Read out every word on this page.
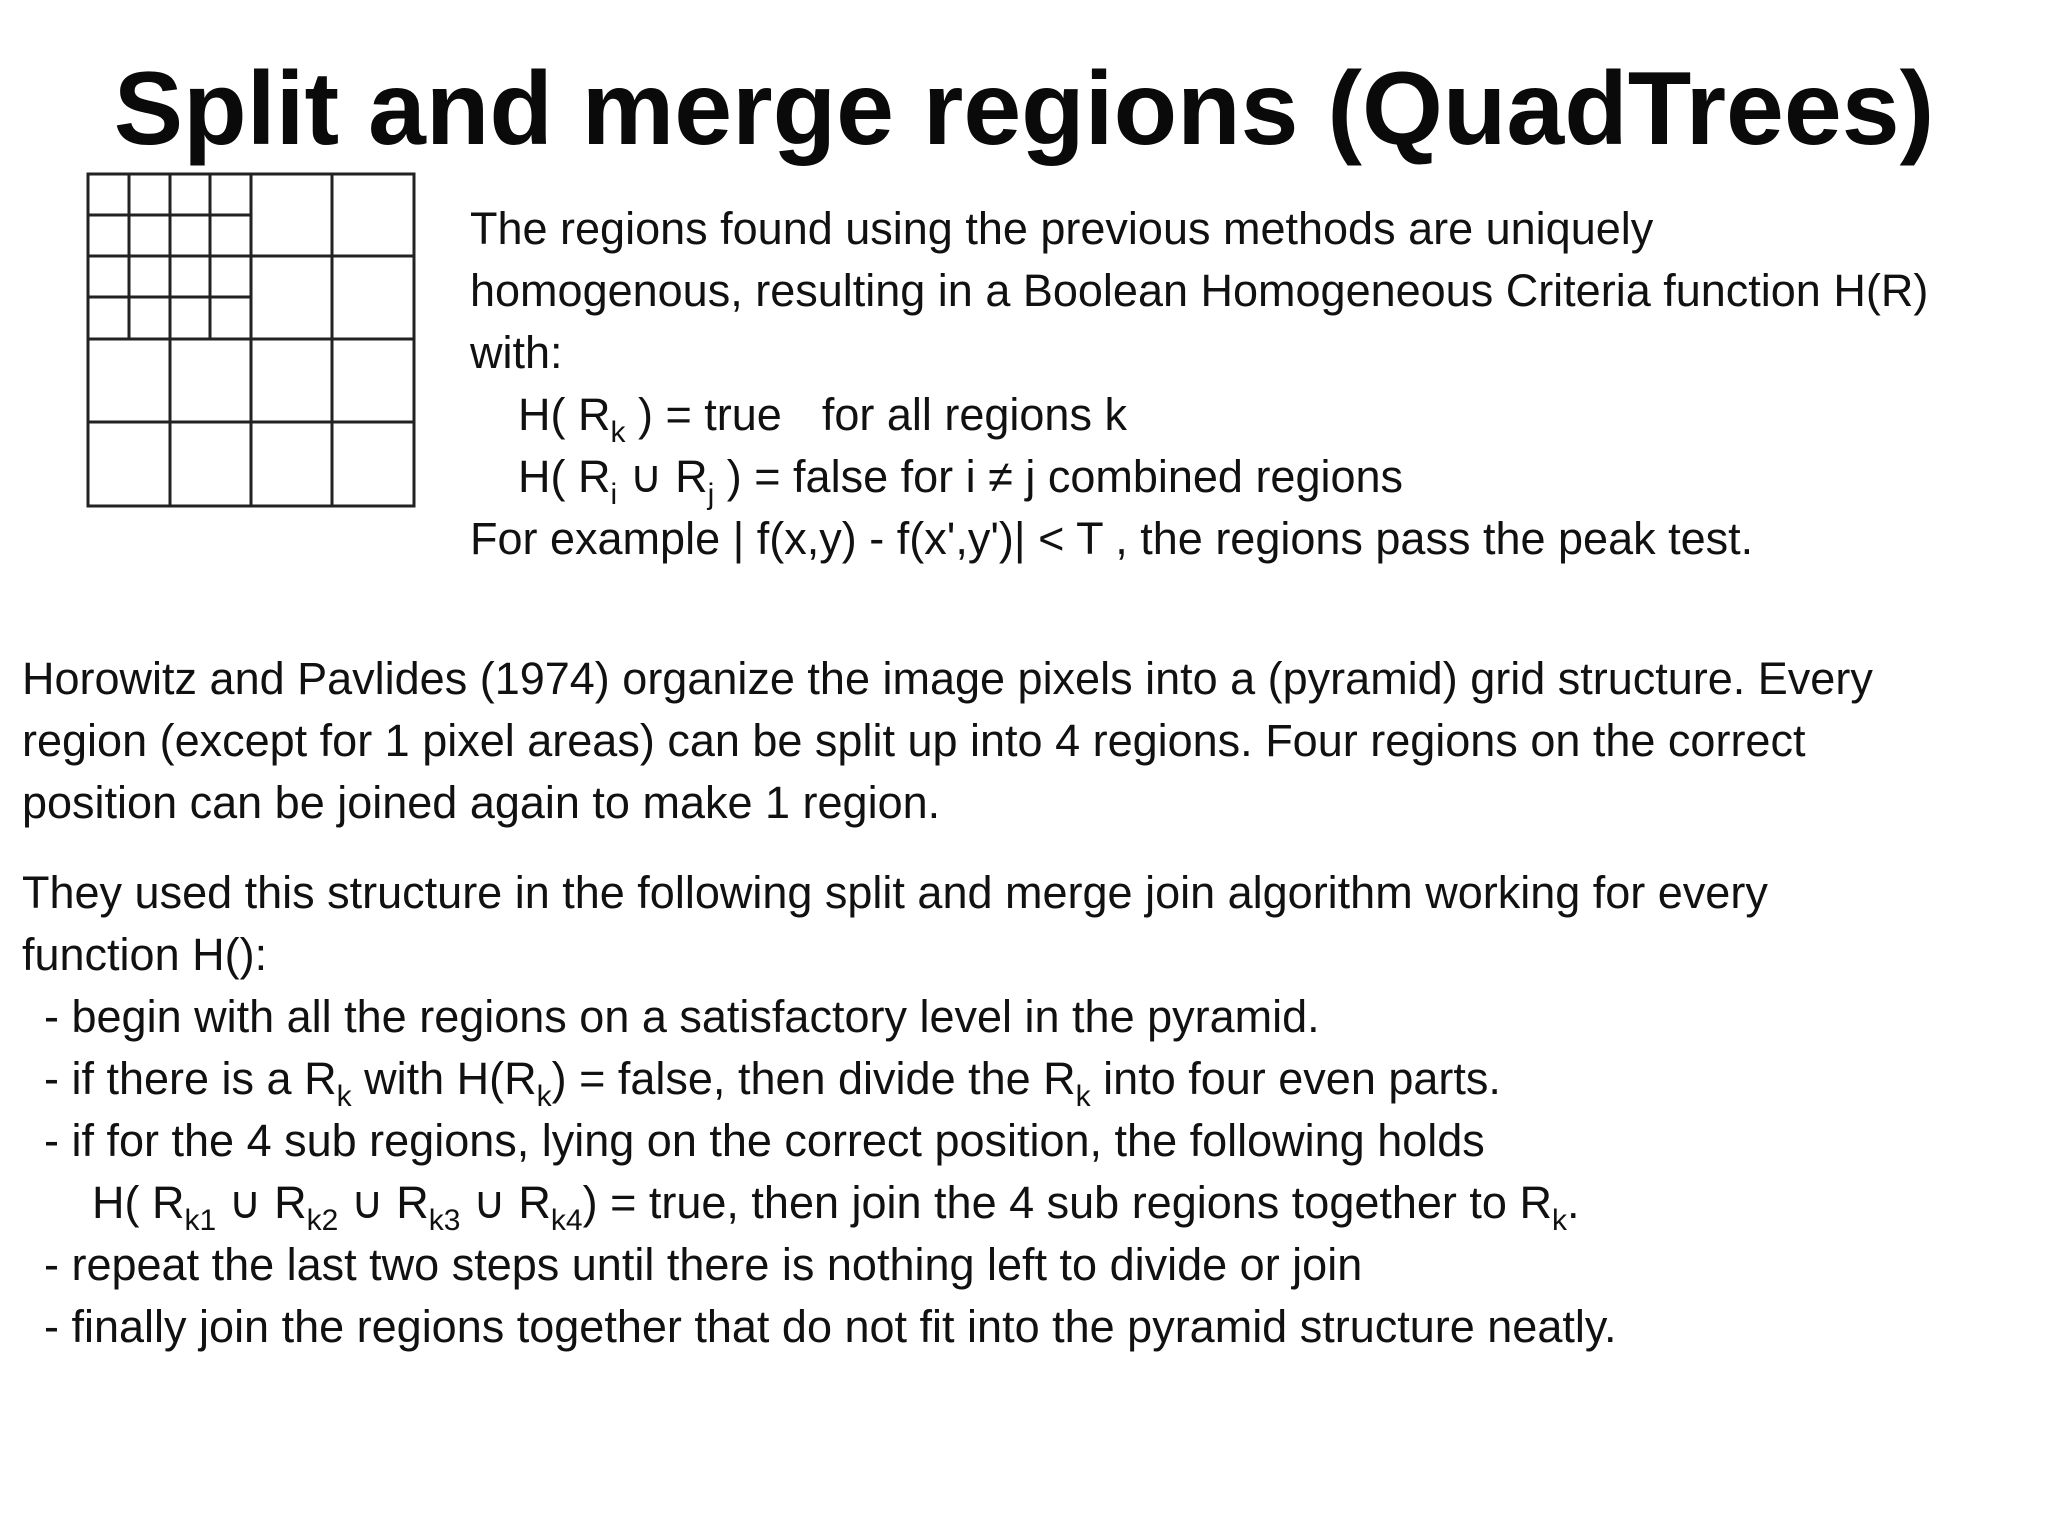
Split and merge regions (QuadTrees)
The regions found using the previous methods are uniquely
homogenous, resulting in a Boolean Homogeneous Criteria function H(R)
with:
H( $R_k$ ) = true for all regions k
H( $R_i$ ∪ $R_j$ ) = false for i ≠ j combined regions
For example | f(x,y) - f(x',y')| < T , the regions pass the peak test.
Horowitz and Pavlides (1974) organize the image pixels into a (pyramid) grid structure. Every
region (except for 1 pixel areas) can be split up into 4 regions. Four regions on the correct
position can be joined again to make 1 region.
They used this structure in the following split and merge join algorithm working for every
function H():
- begin with all the regions on a satisfactory level in the pyramid.
- if there is a $R_k$ with $H(R_k)$ = false, then divide the $R_k$ into four even parts.
- if for the 4 sub regions, lying on the correct position, the following holds
H( $R_{k1}$ ∪ $R_{k2}$ ∪ $R_{k3}$ ∪ $R_{k4}$) = true, then join the 4 sub regions together to $R_k$.
- repeat the last two steps until there is nothing left to divide or join
- finally join the regions together that do not fit into the pyramid structure neatly.
